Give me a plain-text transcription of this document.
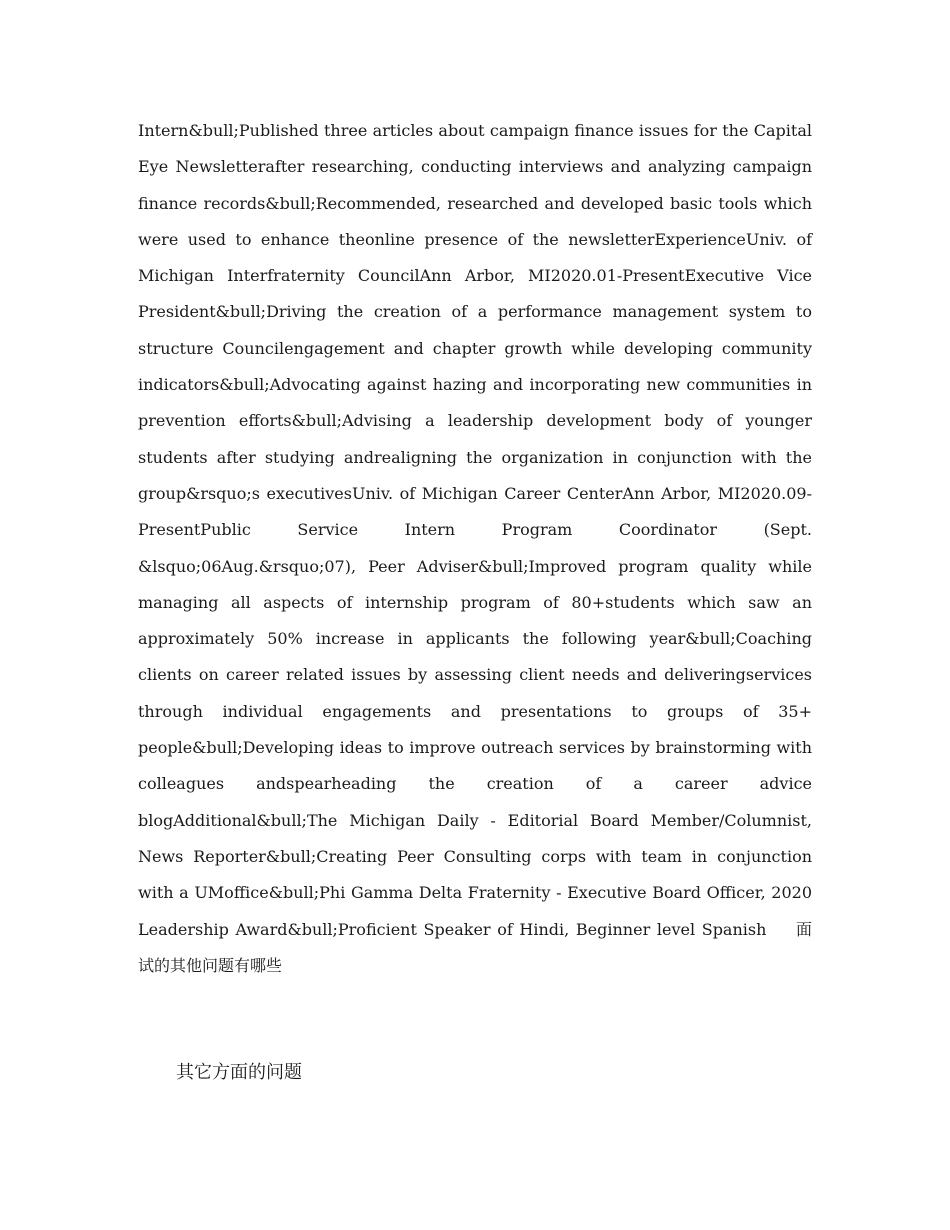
Intern&bull;Published three articles about campaign finance issues for the Capital Eye Newsletterafter researching, conducting interviews and analyzing campaign finance records&bull;Recommended, researched and developed basic tools which were used to enhance theonline presence of the newsletterExperienceUniv. of Michigan Interfraternity CouncilAnn Arbor, MI2020.01-PresentExecutive Vice President&bull;Driving the creation of a performance management system to structure Councilengagement and chapter growth while developing community indicators&bull;Advocating against hazing and incorporating new communities in prevention efforts&bull;Advising a leadership development body of younger students after studying andrealigning the organization in conjunction with the group&rsquo;s executivesUniv. of Michigan Career CenterAnn Arbor, MI2020.09-PresentPublic Service Intern Program Coordinator (Sept. &lsquo;06Aug.&rsquo;07), Peer Adviser&bull;Improved program quality while managing all aspects of internship program of 80+students which saw an approximately 50% increase in applicants the following year&bull;Coaching clients on career related issues by assessing client needs and deliveringservices through individual engagements and presentations to groups of 35+ people&bull;Developing ideas to improve outreach services by brainstorming with colleagues andspearheading the creation of a career advice blogAdditional&bull;The Michigan Daily - Editorial Board Member/Columnist, News Reporter&bull;Creating Peer Consulting corps with team in conjunction with a UMoffice&bull;Phi Gamma Delta Fraternity - Executive Board Officer, 2020 Leadership Award&bull;Proficient Speaker of Hindi, Beginner level Spanish 面试的其他问题有哪些

其它方面的问题
